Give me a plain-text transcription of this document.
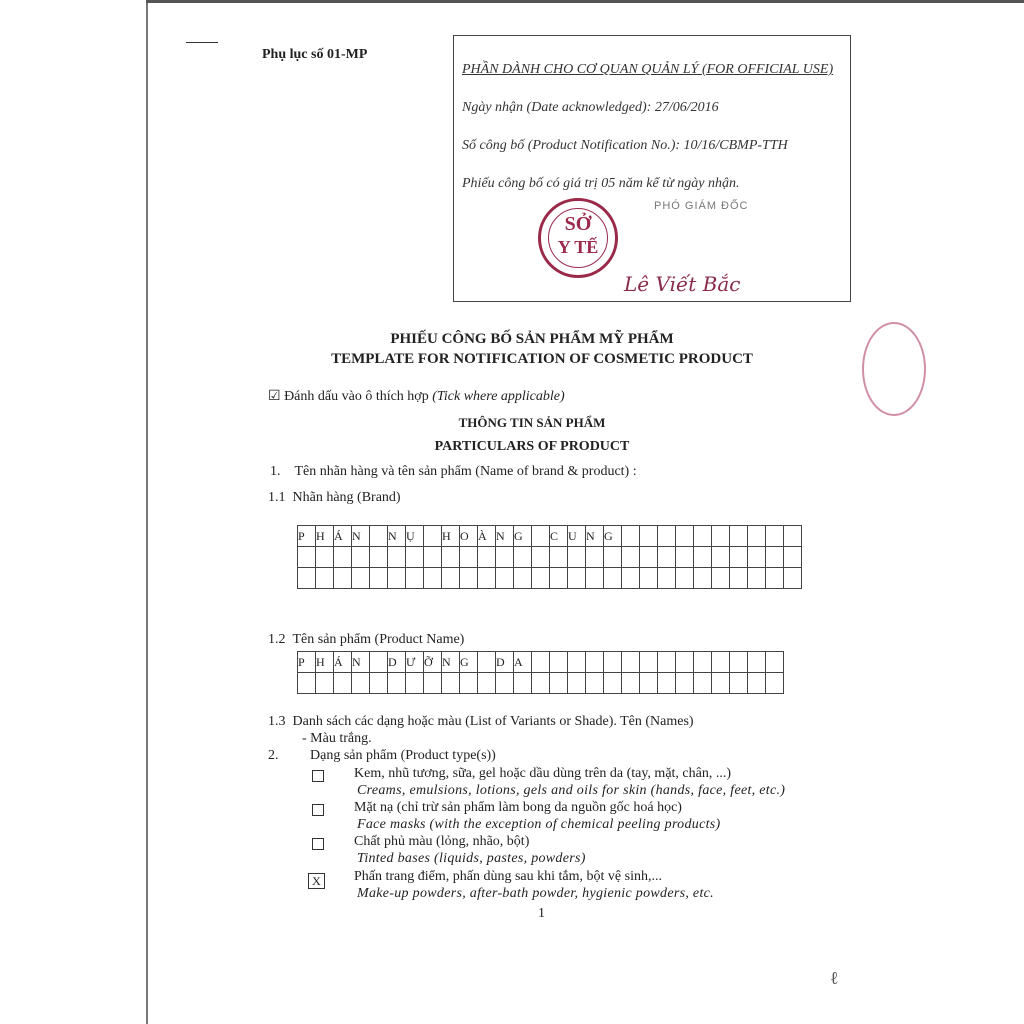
Phụ lục số 01-MP
PHẦN DÀNH CHO CƠ QUAN QUẢN LÝ (FOR OFFICIAL USE)
Ngày nhận (Date acknowledged): 27/06/2016
Số công bố (Product Notification No.): 10/16/CBMP-TTH
Phiếu công bố có giá trị 05 năm kể từ ngày nhận.
PHÓ GIÁM ĐỐC
SỞ
Y TẾ
Lê Viết Bắc
PHIẾU CÔNG BỐ SẢN PHẨM MỸ PHẨM
TEMPLATE FOR NOTIFICATION OF COSMETIC PRODUCT
☑ Đánh dấu vào ô thích hợp (Tick where applicable)
THÔNG TIN SẢN PHẨM
PARTICULARS OF PRODUCT
1. Tên nhãn hàng và tên sản phẩm (Name of brand & product) :
1.1 Nhãn hàng (Brand)
P	H	Á	N		N	Ụ		H	O	À	N	G		C	U	N	G										

1.2 Tên sản phẩm (Product Name)
P	H	Á	N		D	Ư	Ỡ	N	G		D	A														

1.3 Danh sách các dạng hoặc màu (List of Variants or Shade). Tên (Names)
- Màu trắng.
2. Dạng sản phẩm (Product type(s))
Kem, nhũ tương, sữa, gel hoặc dầu dùng trên da (tay, mặt, chân, ...)
Creams, emulsions, lotions, gels and oils for skin (hands, face, feet, etc.)
Mặt nạ (chỉ trừ sản phẩm làm bong da nguồn gốc hoá học)
Face masks (with the exception of chemical peeling products)
Chất phủ màu (lỏng, nhão, bột)
Tinted bases (liquids, pastes, powders)
X Phấn trang điểm, phấn dùng sau khi tắm, bột vệ sinh,...
Make-up powders, after-bath powder, hygienic powders, etc.
1
ℓ
